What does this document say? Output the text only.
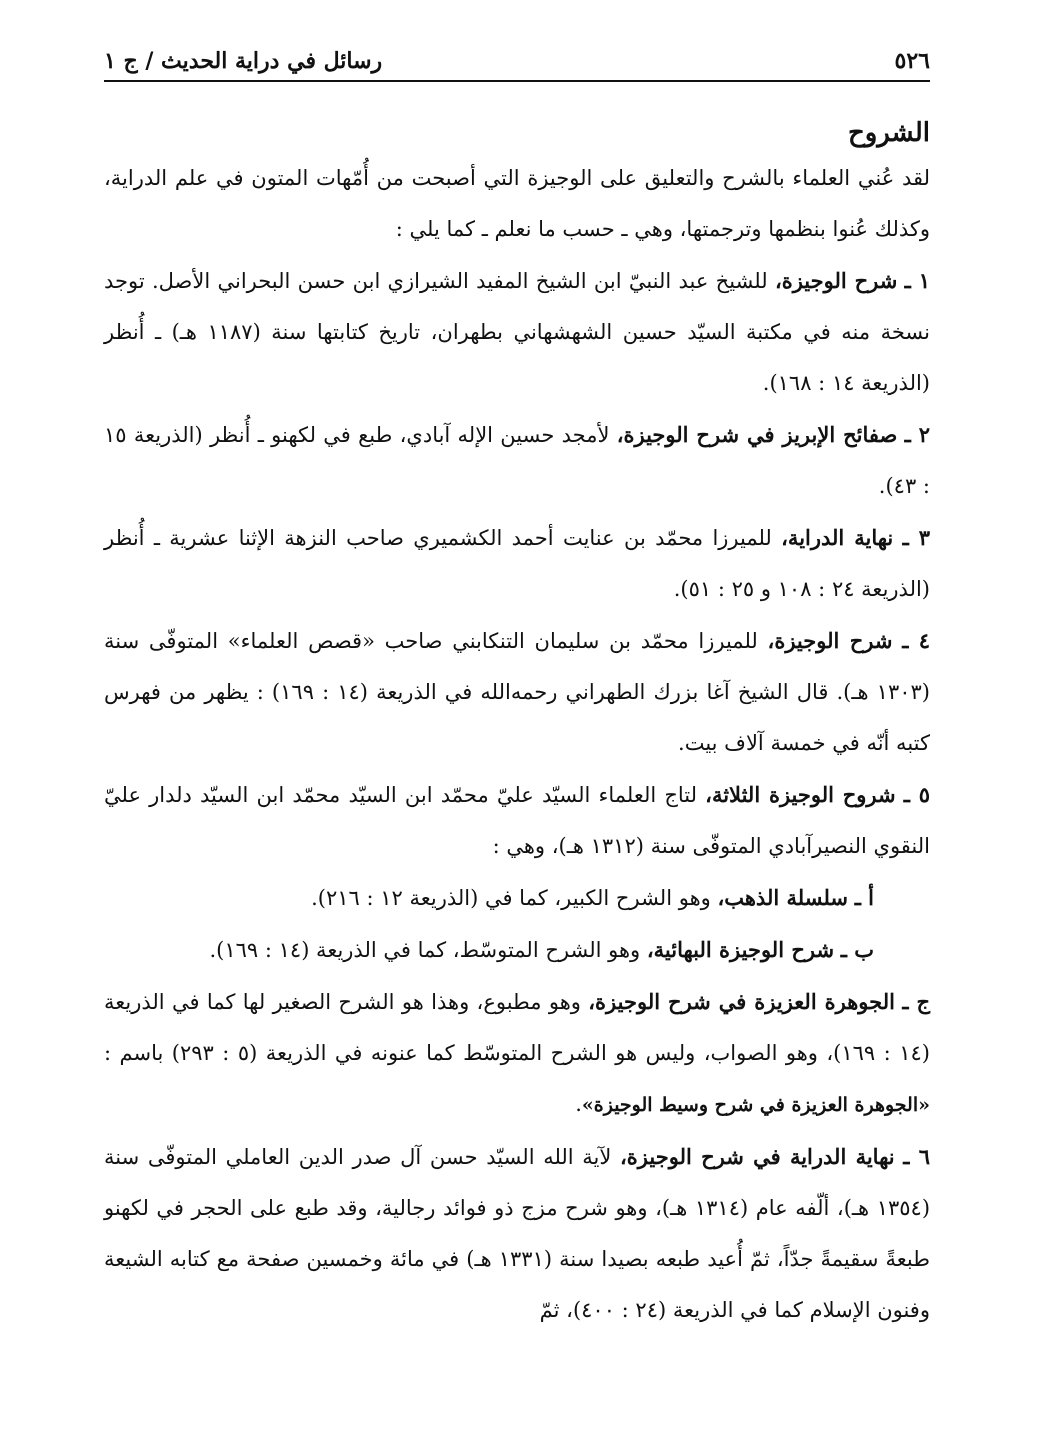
٥٢٦
رسائل في دراية الحديث / ج ١
الشروح

لقد عُني العلماء بالشرح والتعليق على الوجيزة التي أصبحت من أُمّهات المتون في علم الدراية، وكذلك عُنوا بنظمها وترجمتها، وهي ـ حسب ما نعلم ـ كما يلي :

١ ـ شرح الوجيزة، للشيخ عبد النبيّ ابن الشيخ المفيد الشيرازي ابن حسن البحراني الأصل. توجد نسخة منه في مكتبة السيّد حسين الشهشهاني بطهران، تاريخ كتابتها سنة (١١٨٧ هـ) ـ أُنظر (الذريعة ١٤ : ١٦٨).

٢ ـ صفائح الإبريز في شرح الوجيزة، لأمجد حسين الإله آبادي، طبع في لكهنو ـ أُنظر (الذريعة ١٥ : ٤٣).

٣ ـ نهاية الدراية، للميرزا محمّد بن عنايت أحمد الكشميري صاحب النزهة الإثنا عشرية ـ أُنظر (الذريعة ٢٤ : ١٠٨ و ٢٥ : ٥١).

٤ ـ شرح الوجيزة، للميرزا محمّد بن سليمان التنكابني صاحب «قصص العلماء» المتوفّى سنة (١٣٠٣ هـ). قال الشيخ آغا بزرك الطهراني رحمه‌الله في الذريعة (١٤ : ١٦٩) : يظهر من فهرس كتبه أنّه في خمسة آلاف بيت.

٥ ـ شروح الوجيزة الثلاثة، لتاج العلماء السيّد عليّ محمّد ابن السيّد محمّد ابن السيّد دلدار عليّ النقوي النصيرآبادي المتوفّى سنة (١٣١٢ هـ)، وهي :

أ ـ سلسلة الذهب، وهو الشرح الكبير، كما في (الذريعة ١٢ : ٢١٦).

ب ـ شرح الوجيزة البهائية، وهو الشرح المتوسّط، كما في الذريعة (١٤ : ١٦٩).

ج ـ الجوهرة العزيزة في شرح الوجيزة، وهو مطبوع، وهذا هو الشرح الصغير لها كما في الذريعة (١٤ : ١٦٩)، وهو الصواب، وليس هو الشرح المتوسّط كما عنونه في الذريعة (٥ : ٢٩٣) باسم : «الجوهرة العزيزة في شرح وسيط الوجيزة».

٦ ـ نهاية الدراية في شرح الوجيزة، لآية الله السيّد حسن آل صدر الدين العاملي المتوفّى سنة (١٣٥٤ هـ)، ألّفه عام (١٣١٤ هـ)، وهو شرح مزج ذو فوائد رجالية، وقد طبع على الحجر في لكهنو طبعةً سقيمةً جدّاً، ثمّ أُعيد طبعه بصيدا سنة (١٣٣١ هـ) في مائة وخمسين صفحة مع كتابه الشيعة وفنون الإسلام كما في الذريعة (٢٤ : ٤٠٠)، ثمّ
